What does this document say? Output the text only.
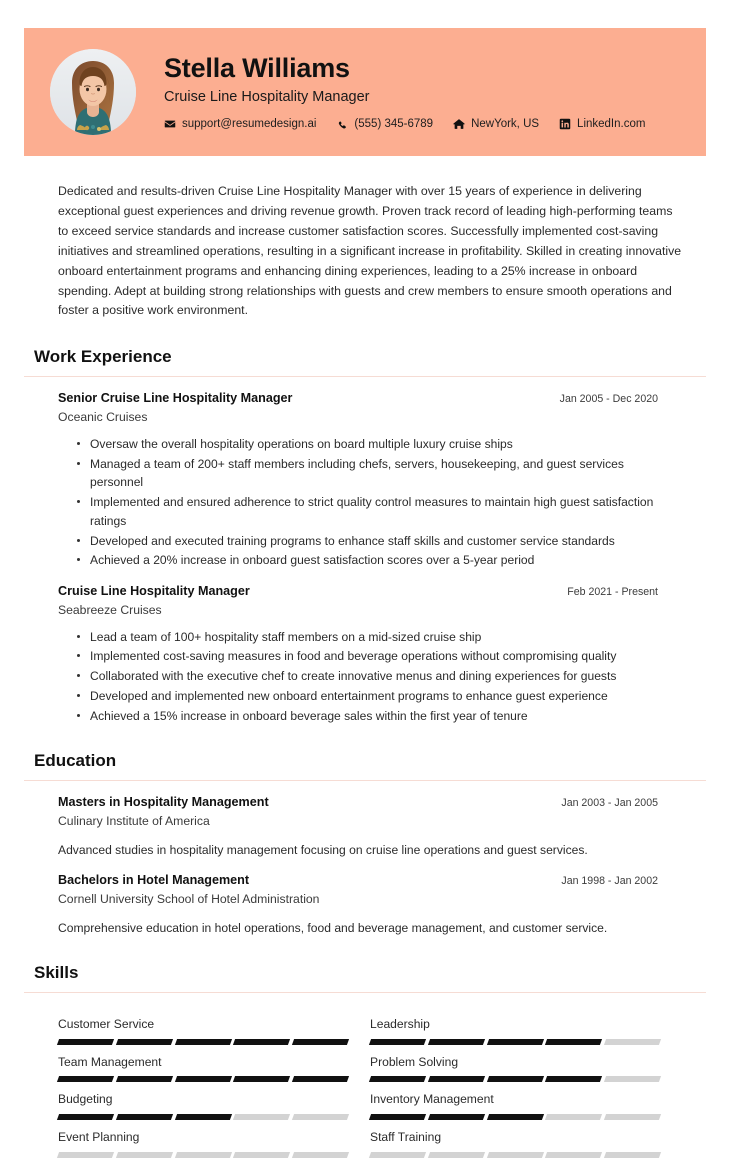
Stella Williams
Cruise Line Hospitality Manager
support@resumedesign.ai	(555) 345-6789	NewYork, US	LinkedIn.com
Dedicated and results-driven Cruise Line Hospitality Manager with over 15 years of experience in delivering exceptional guest experiences and driving revenue growth. Proven track record of leading high-performing teams to exceed service standards and increase customer satisfaction scores. Successfully implemented cost-saving initiatives and streamlined operations, resulting in a significant increase in profitability. Skilled in creating innovative onboard entertainment programs and enhancing dining experiences, leading to a 25% increase in onboard spending. Adept at building strong relationships with guests and crew members to ensure smooth operations and foster a positive work environment.
Work Experience
Senior Cruise Line Hospitality Manager	Jan 2005 - Dec 2020
Oceanic Cruises
Oversaw the overall hospitality operations on board multiple luxury cruise ships
Managed a team of 200+ staff members including chefs, servers, housekeeping, and guest services personnel
Implemented and ensured adherence to strict quality control measures to maintain high guest satisfaction ratings
Developed and executed training programs to enhance staff skills and customer service standards
Achieved a 20% increase in onboard guest satisfaction scores over a 5-year period
Cruise Line Hospitality Manager	Feb 2021 - Present
Seabreeze Cruises
Lead a team of 100+ hospitality staff members on a mid-sized cruise ship
Implemented cost-saving measures in food and beverage operations without compromising quality
Collaborated with the executive chef to create innovative menus and dining experiences for guests
Developed and implemented new onboard entertainment programs to enhance guest experience
Achieved a 15% increase in onboard beverage sales within the first year of tenure
Education
Masters in Hospitality Management	Jan 2003 - Jan 2005
Culinary Institute of America
Advanced studies in hospitality management focusing on cruise line operations and guest services.
Bachelors in Hotel Management	Jan 1998 - Jan 2002
Cornell University School of Hotel Administration
Comprehensive education in hotel operations, food and beverage management, and customer service.
Skills
Customer Service	Leadership
Team Management	Problem Solving
Budgeting	Inventory Management
Event Planning	Staff Training
